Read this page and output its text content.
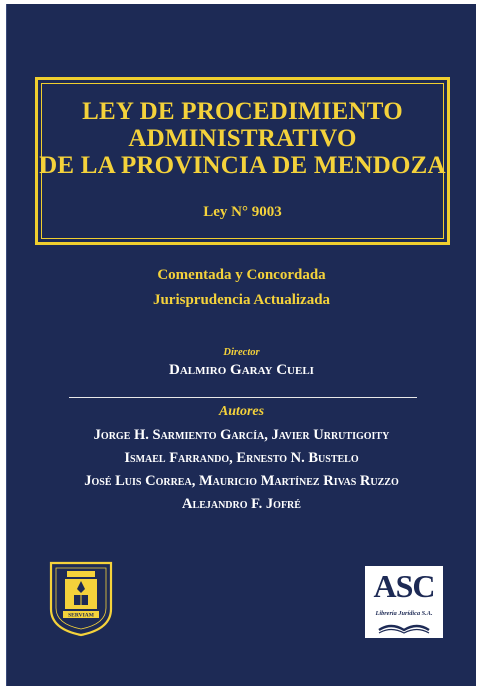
LEY DE PROCEDIMIENTO
ADMINISTRATIVO
DE LA PROVINCIA DE MENDOZA
Ley N° 9003
Comentada y Concordada
Jurisprudencia Actualizada
Director
Dalmiro Garay Cueli
Autores
Jorge H. Sarmiento García, Javier Urrutigoity
Ismael Farrando, Ernesto N. Bustelo
José Luis Correa, Mauricio Martínez Rivas Ruzzo
Alejandro F. Jofré
SERVIAM
ASC
Librería Jurídica S.A.
